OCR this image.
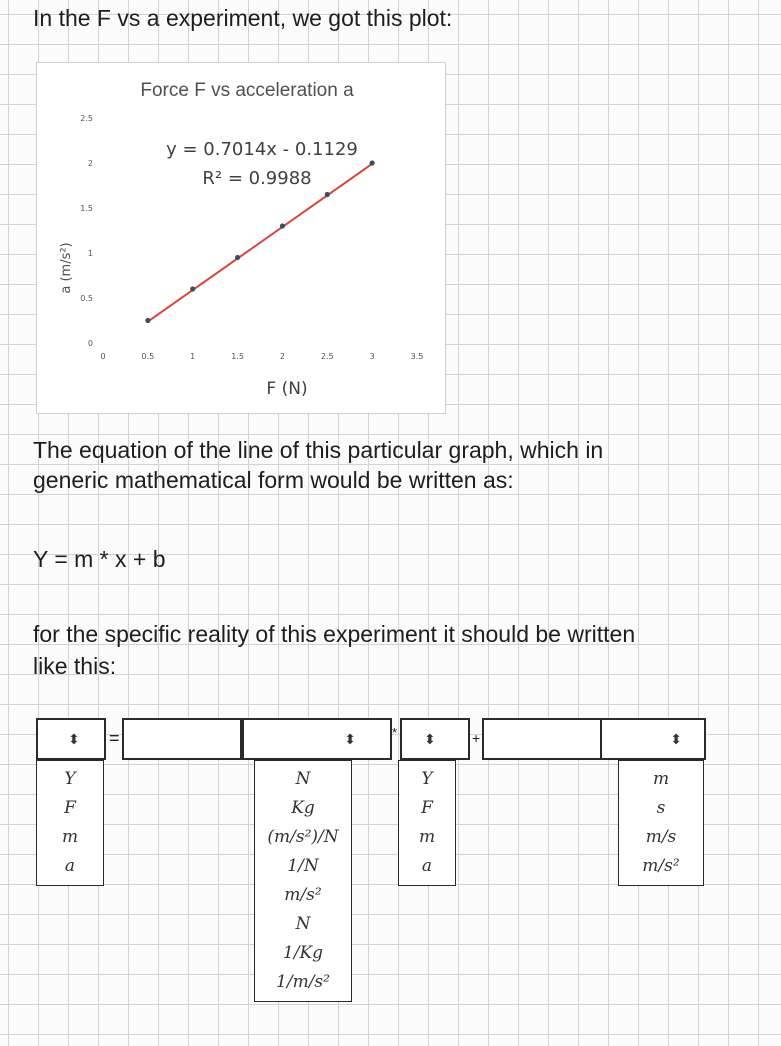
In the F vs a experiment, we got this plot:

Force F vs acceleration a
a (m/s²)
F (N)
0	0.5	1	1.5	2	2.5	3	3.5
0
0.5
1
1.5
2
2.5
y = 0.7014x - 0.1129
R² = 0.9988

The equation of the line of this particular graph, which in

generic mathematical form would be written as:

Y = m * x + b

for the specific reality of this experiment it should be written

like this:

⬍ =	⬍	* ⬍	+	⬍
Y
F
m
a
N
Kg
(m/s²)/N
1/N
m/s²
N
1/Kg
1/m/s²
Y
F
m
a
m
s
m/s
m/s²
